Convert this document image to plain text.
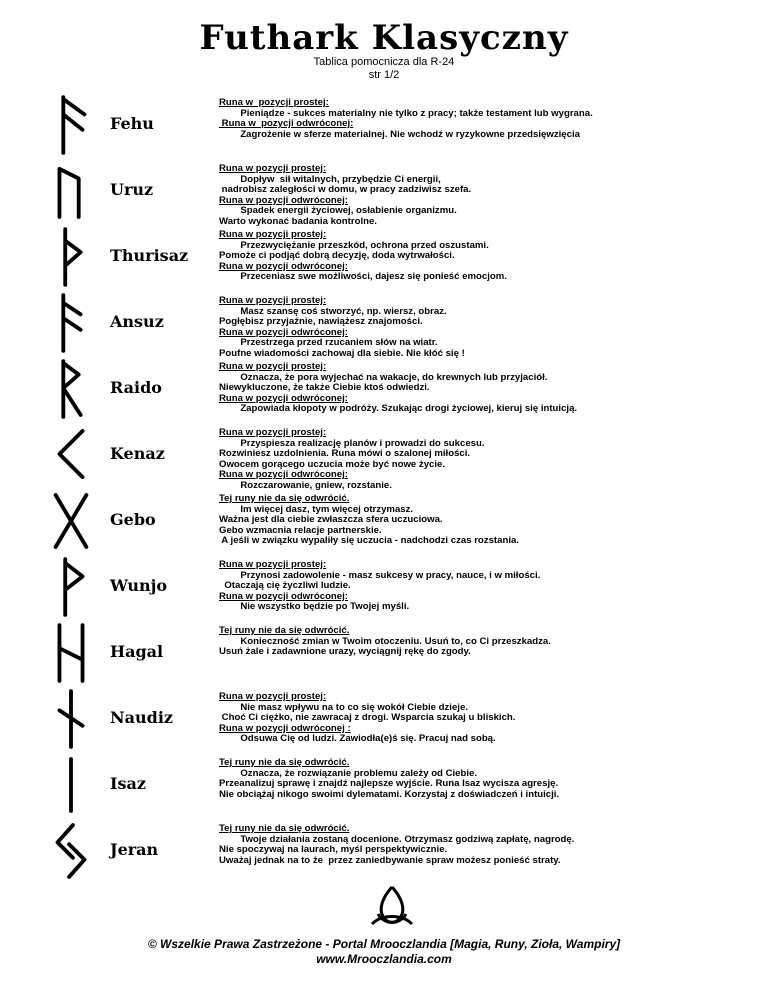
Futhark Klasyczny
Tablica pomocnicza dla R-24
str 1/2
Fehu
Runa w  pozycji prostej:
Pieniądze - sukces materialny nie tylko z pracy; także testament lub wygrana.
Runa w  pozycji odwróconej:
Zagrożenie w sferze materialnej. Nie wchodź w ryzykowne przedsięwzięcia
Uruz
Runa w pozycji prostej:
Dopływ  sił witalnych, przybędzie Ci energii,
nadrobisz zaległości w domu, w pracy zadziwisz szefa.
Runa w pozycji odwróconej:
Spadek energii życiowej, osłabienie organizmu.
Warto wykonać badania kontrolne.
Thurisaz
Runa w pozycji prostej:
Przezwyciężanie przeszkód, ochrona przed oszustami.
Pomoże ci podjąć dobrą decyzję, doda wytrwałości.
Runa w pozycji odwróconej:
Przeceniasz swe możliwości, dajesz się ponieść emocjom.
Ansuz
Runa w pozycji prostej:
Masz szansę coś stworzyć, np. wiersz, obraz.
Pogłębisz przyjaźnie, nawiążesz znajomości.
Runa w pozycji odwróconej:
Przestrzega przed rzucaniem słów na wiatr.
Poufne wiadomości zachowaj dla siebie. Nie kłóć się !
Raido
Runa w pozycji prostej:
Oznacza, że pora wyjechać na wakacje, do krewnych lub przyjaciół.
Niewykluczone, że także Ciebie ktoś odwiedzi.
Runa w pozycji odwróconej:
Zapowiada kłopoty w podróży. Szukając drogi życiowej, kieruj się intuicją.
Kenaz
Runa w pozycji prostej:
Przyspiesza realizację planów i prowadzi do sukcesu.
Rozwiniesz uzdolnienia. Runa mówi o szalonej miłości.
Owocem gorącego uczucia może być nowe życie.
Runa w pozycji odwróconej:
Rozczarowanie, gniew, rozstanie.
Gebo
Tej runy nie da się odwrócić.
Im więcej dasz, tym więcej otrzymasz.
Ważna jest dla ciebie zwłaszcza sfera uczuciowa.
Gebo wzmacnia relacje partnerskie.
A jeśli w związku wypaliły się uczucia - nadchodzi czas rozstania.
Wunjo
Runa w pozycji prostej:
Przynosi zadowolenie - masz sukcesy w pracy, nauce, i w miłości.
Otaczają cię życzliwi ludzie.
Runa w pozycji odwróconej:
Nie wszystko będzie po Twojej myśli.
Hagal
Tej runy nie da się odwrócić.
Konieczność zmian w Twoim otoczeniu. Usuń to, co Ci przeszkadza.
Usuń żale i zadawnione urazy, wyciągnij rękę do zgody.
Naudiz
Runa w pozycji prostej:
Nie masz wpływu na to co się wokół Ciebie dzieje.
Choć Ci ciężko, nie zawracaj z drogi. Wsparcia szukaj u bliskich.
Runa w pozycji odwróconej :
Odsuwa Cię od ludzi. Zawiodła(e)ś się. Pracuj nad sobą.
Isaz
Tej runy nie da się odwrócić.
Oznacza, że rozwiązanie problemu zależy od Ciebie.
Przeanalizuj sprawę i znajdź najlepsze wyjście. Runa Isaz wycisza agresję.
Nie obciążaj nikogo swoimi dylematami. Korzystaj z doświadczeń i intuicji.
Jeran
Tej runy nie da się odwrócić.
Twoje działania zostaną docenione. Otrzymasz godziwą zapłatę, nagrodę.
Nie spoczywaj na laurach, myśl perspektywicznie.
Uważaj jednak na to że  przez zaniedbywanie spraw możesz ponieść straty.
© Wszelkie Prawa Zastrzeżone - Portal Mrooczlandia [Magia, Runy, Zioła, Wampiry]
www.Mrooczlandia.com
